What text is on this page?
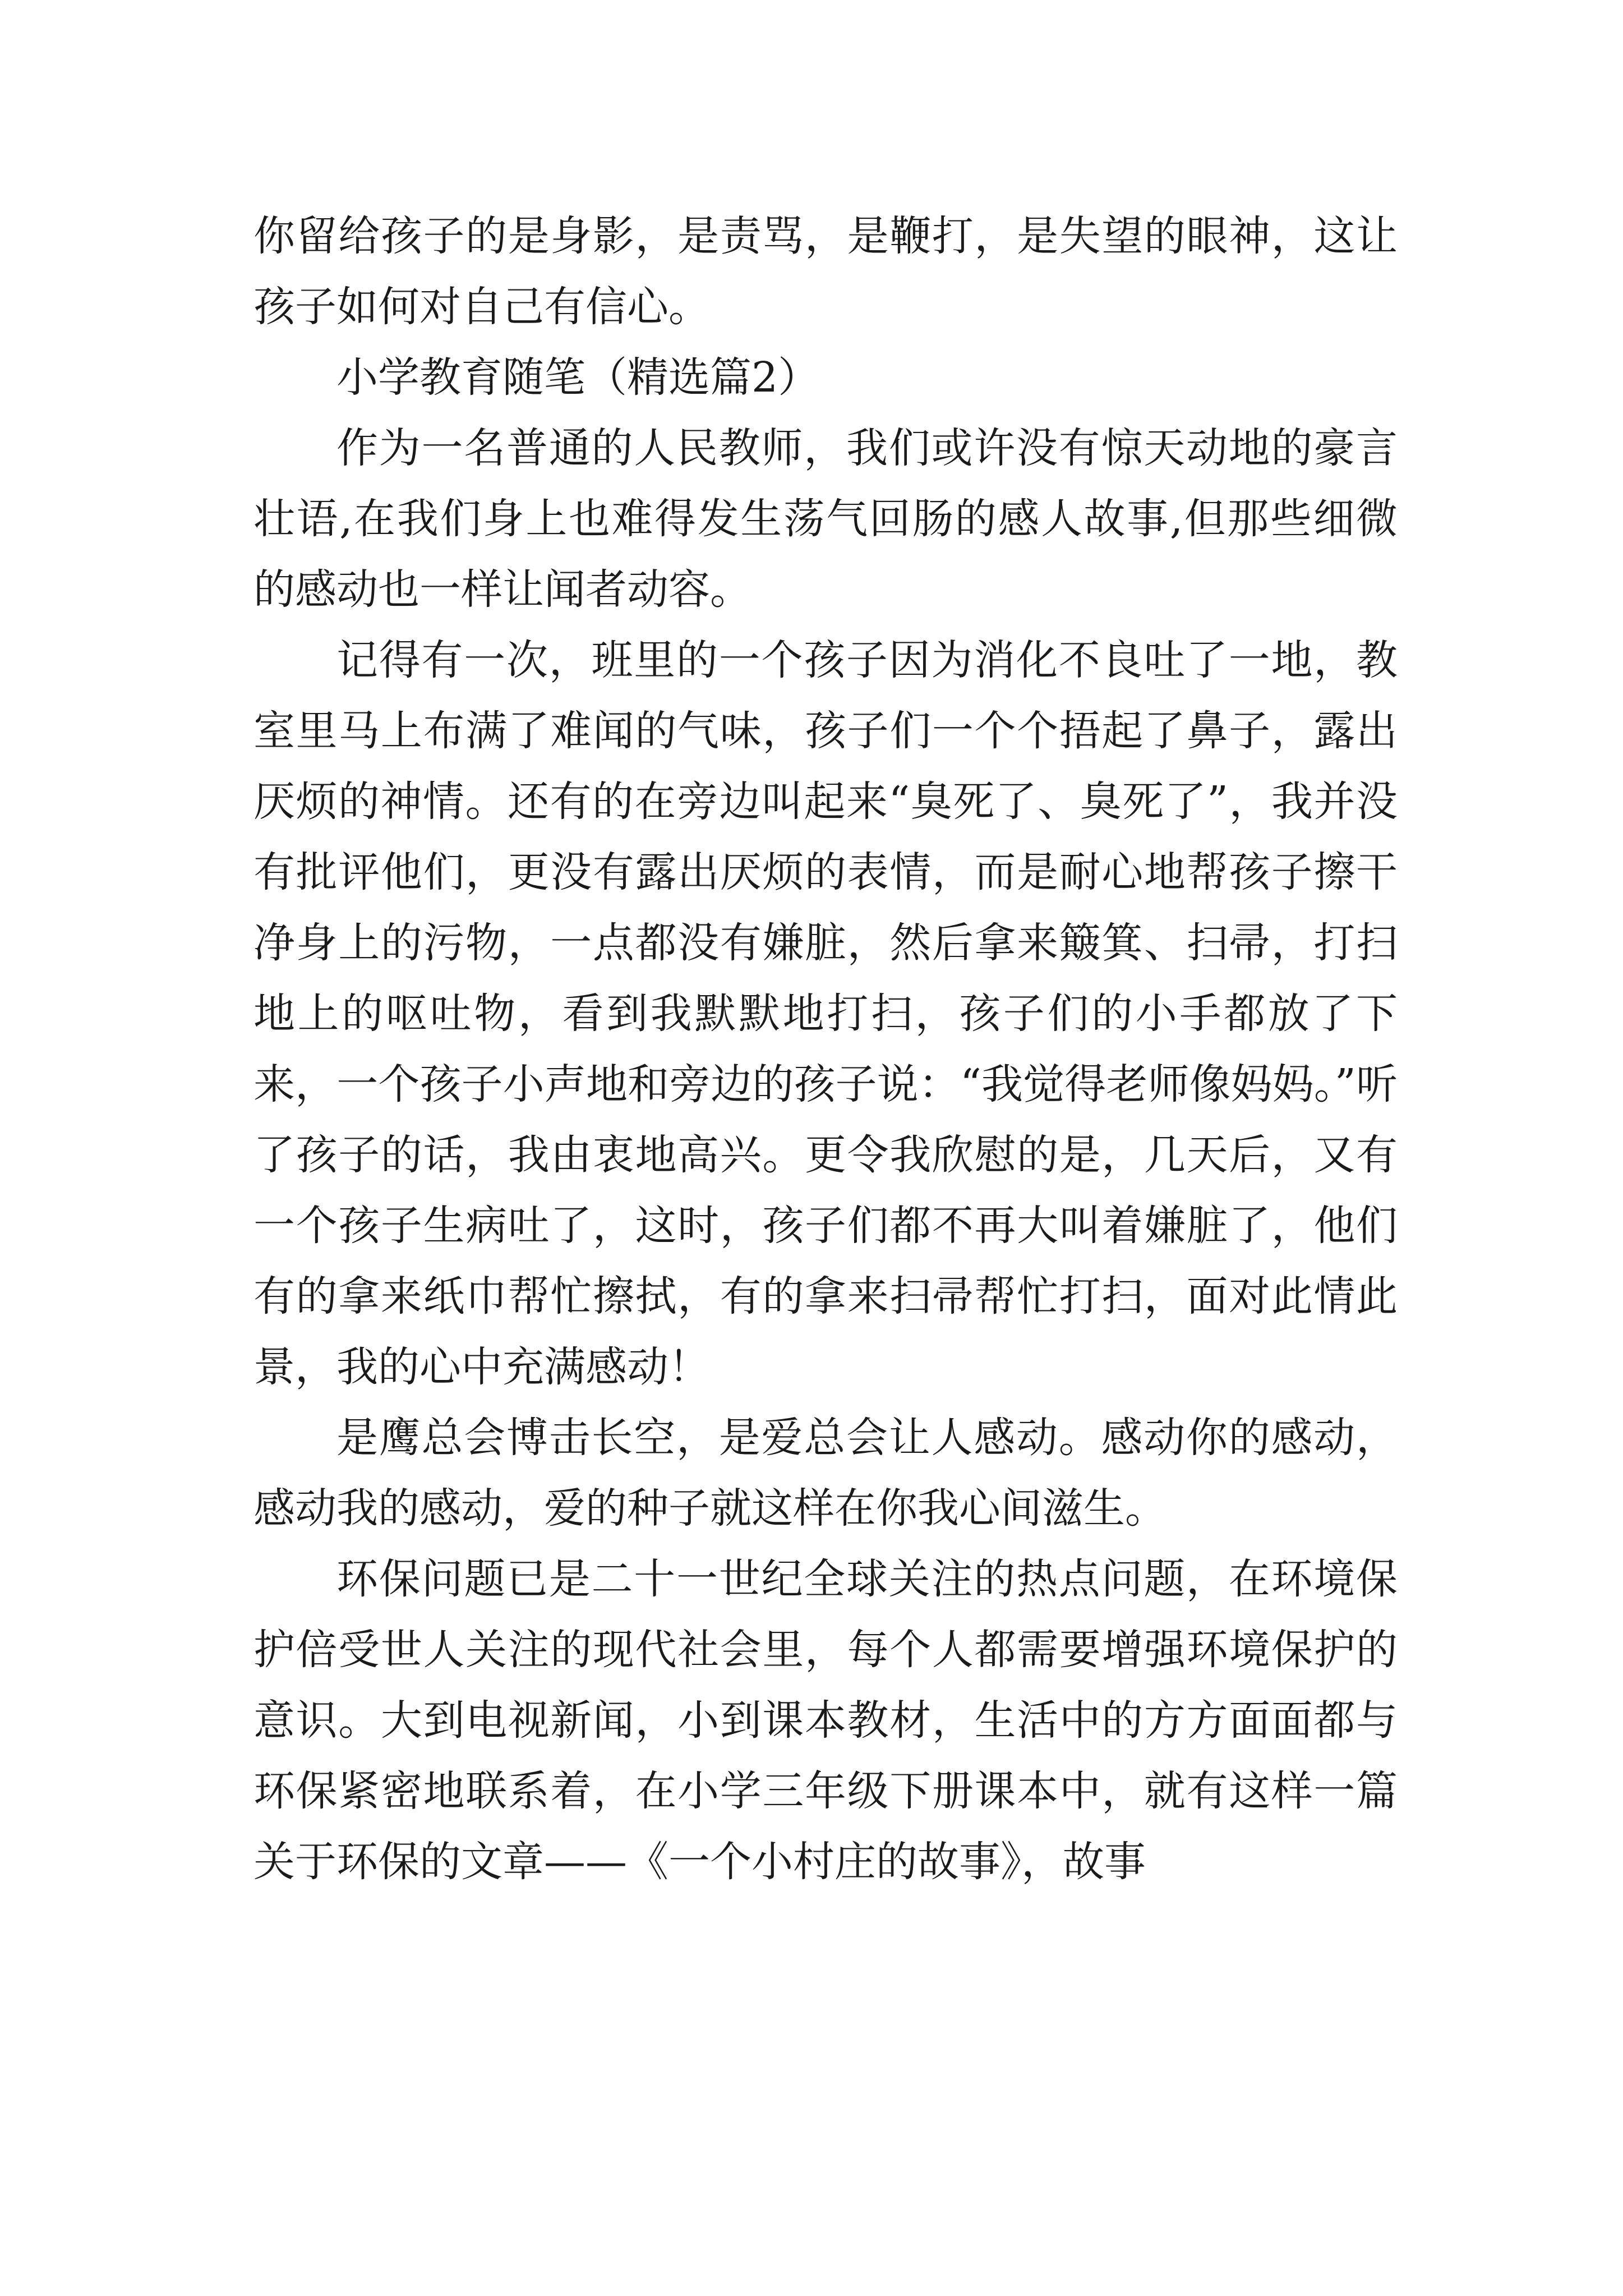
你留给孩子的是身影，是责骂，是鞭打，是失望的眼神，这让孩子如何对自己有信心。

小学教育随笔（精选篇2）

作为一名普通的人民教师，我们或许没有惊天动地的豪言壮语,在我们身上也难得发生荡气回肠的感人故事,但那些细微的感动也一样让闻者动容。

记得有一次，班里的一个孩子因为消化不良吐了一地，教室里马上布满了难闻的气味，孩子们一个个捂起了鼻子，露出厌烦的神情。还有的在旁边叫起来“臭死了、臭死了”，我并没有批评他们，更没有露出厌烦的表情，而是耐心地帮孩子擦干净身上的污物，一点都没有嫌脏，然后拿来簸箕、扫帚，打扫地上的呕吐物，看到我默默地打扫，孩子们的小手都放了下来，一个孩子小声地和旁边的孩子说：“我觉得老师像妈妈。”听了孩子的话，我由衷地高兴。更令我欣慰的是，几天后，又有一个孩子生病吐了，这时，孩子们都不再大叫着嫌脏了，他们有的拿来纸巾帮忙擦拭，有的拿来扫帚帮忙打扫，面对此情此景，我的心中充满感动！

是鹰总会博击长空，是爱总会让人感动。感动你的感动，感动我的感动，爱的种子就这样在你我心间滋生。

环保问题已是二十一世纪全球关注的热点问题，在环境保护倍受世人关注的现代社会里，每个人都需要增强环境保护的意识。大到电视新闻，小到课本教材，生活中的方方面面都与环保紧密地联系着，在小学三年级下册课本中，就有这样一篇关于环保的文章——《一个小村庄的故事》，故事
